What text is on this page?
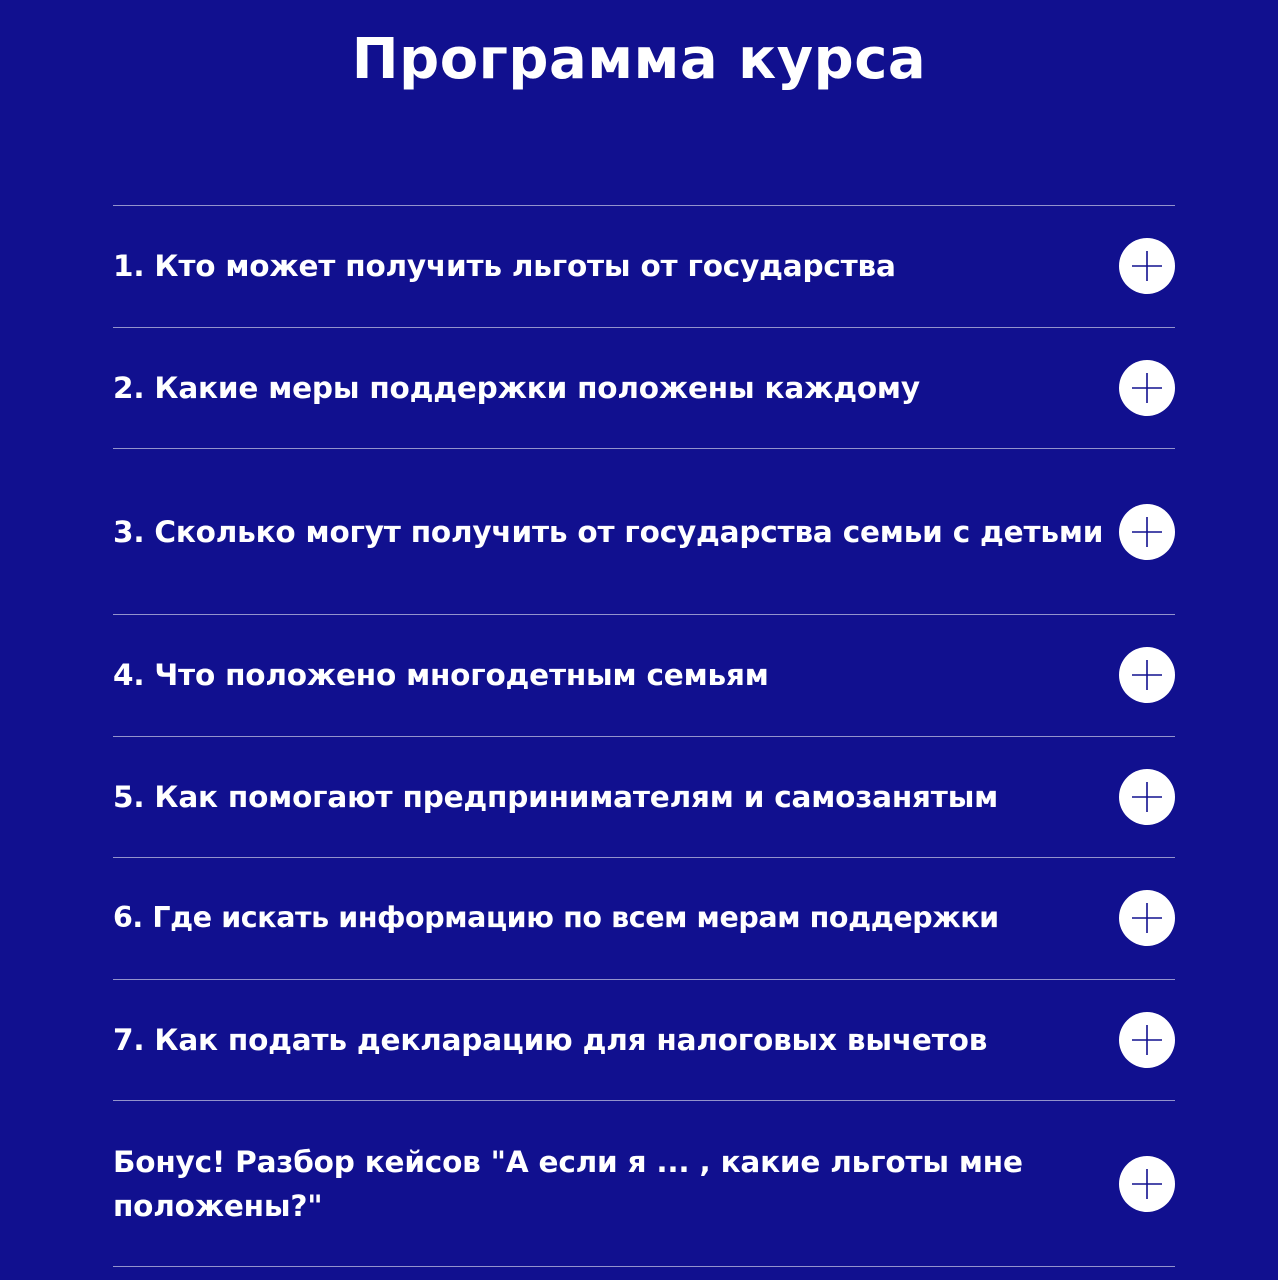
Программа курса

1. Кто может получить льготы от государства

2. Какие меры поддержки положены каждому

3. Сколько могут получить от государства семьи с детьми

4. Что положено многодетным семьям

5. Как помогают предпринимателям и самозанятым

6. Где искать информацию по всем мерам поддержки

7. Как подать декларацию для налоговых вычетов

Бонус! Разбор кейсов "А если я ... , какие льготы мне положены?"
